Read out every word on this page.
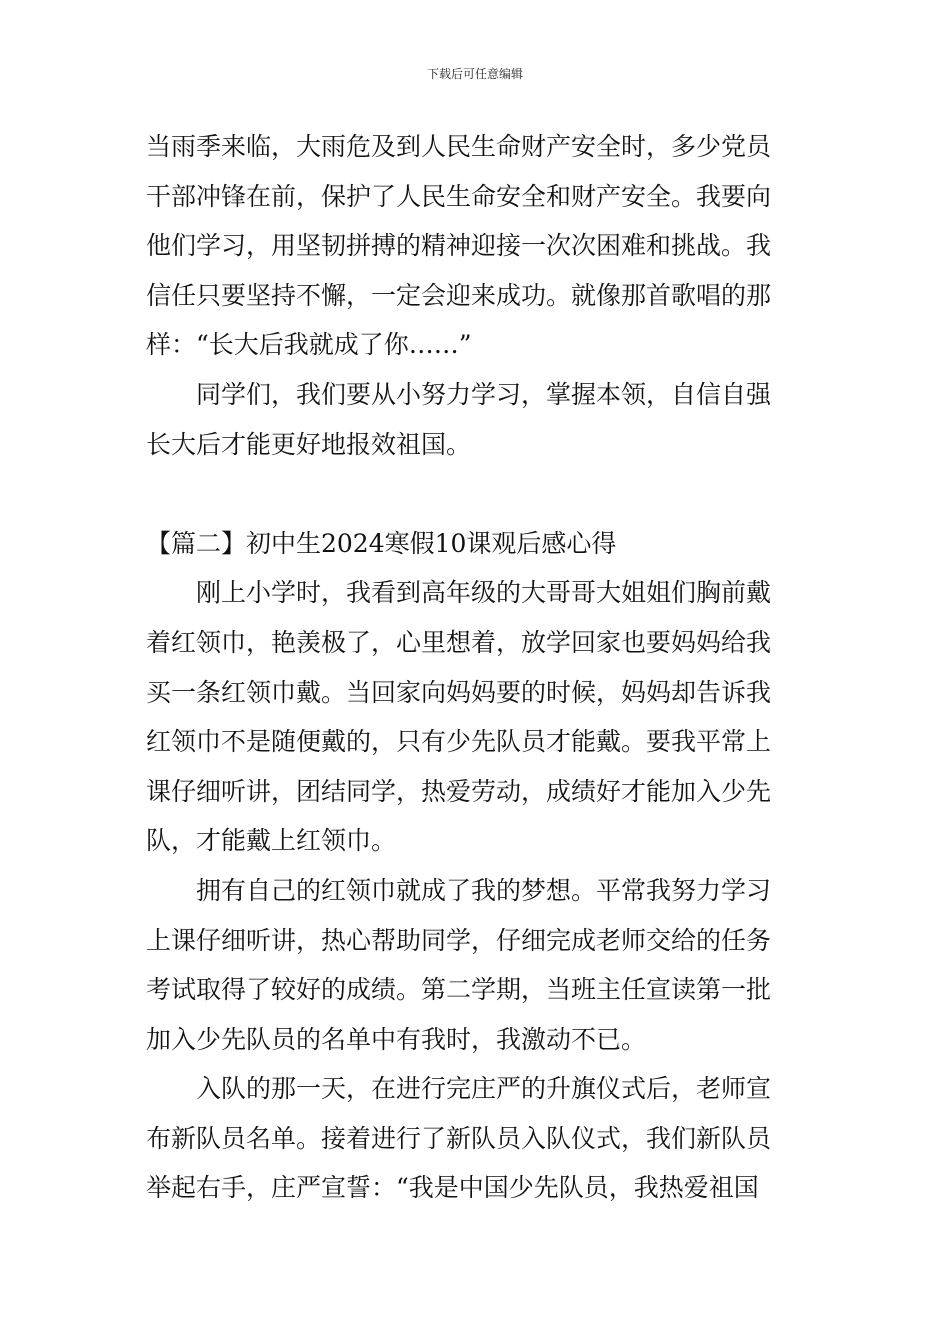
下载后可任意编辑
当雨季来临，大雨危及到人民生命财产安全时，多少党员
干部冲锋在前，保护了人民生命安全和财产安全。我要向
他们学习，用坚韧拼搏的精神迎接一次次困难和挑战。我
信任只要坚持不懈，一定会迎来成功。就像那首歌唱的那
样：“长大后我就成了你……”
同学们，我们要从小努力学习，掌握本领，自信自强
长大后才能更好地报效祖国。
【篇二】初中生2024寒假10课观后感心得
刚上小学时，我看到高年级的大哥哥大姐姐们胸前戴
着红领巾，艳羡极了，心里想着，放学回家也要妈妈给我
买一条红领巾戴。当回家向妈妈要的时候，妈妈却告诉我
红领巾不是随便戴的，只有少先队员才能戴。要我平常上
课仔细听讲，团结同学，热爱劳动，成绩好才能加入少先
队，才能戴上红领巾。
拥有自己的红领巾就成了我的梦想。平常我努力学习
上课仔细听讲，热心帮助同学，仔细完成老师交给的任务
考试取得了较好的成绩。第二学期，当班主任宣读第一批
加入少先队员的名单中有我时，我激动不已。
入队的那一天，在进行完庄严的升旗仪式后，老师宣
布新队员名单。接着进行了新队员入队仪式，我们新队员
举起右手，庄严宣誓：“我是中国少先队员，我热爱祖国
